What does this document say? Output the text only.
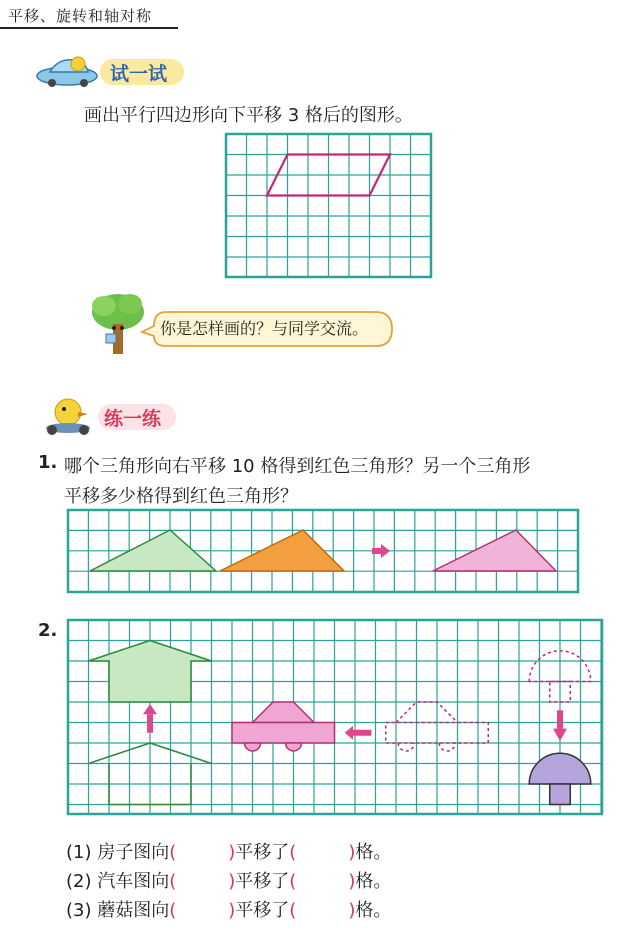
平移、旋转和轴对称
试一试
画出平行四边形向下平移 3 格后的图形。
你是怎样画的？与同学交流。
练一练
1. 哪个三角形向右平移 10 格得到红色三角形？另一个三角形
平移多少格得到红色三角形？
2.
(1) 房子图向(	)平移了(	)格。
(2) 汽车图向(	)平移了(	)格。
(3) 蘑菇图向(	)平移了(	)格。
